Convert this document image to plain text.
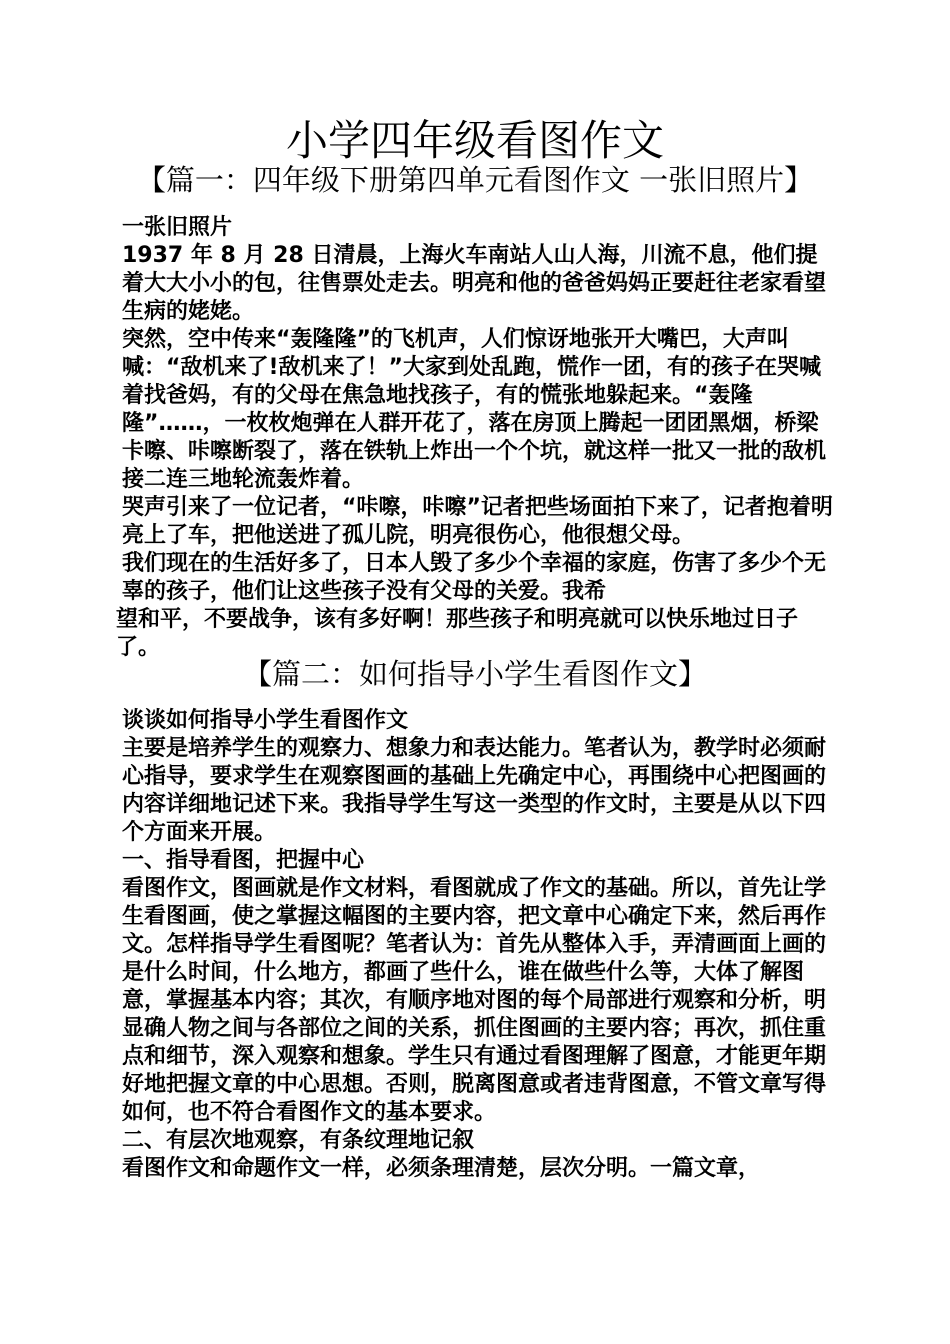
小学四年级看图作文
【篇一：四年级下册第四单元看图作文 一张旧照片】

一张旧照片

1937 年 8 月 28 日清晨，上海火车南站人山人海，川流不息，他们提着大大小小的包，往售票处走去。明亮和他的爸爸妈妈正要赶往老家看望生病的姥姥。

突然，空中传来“轰隆隆”的飞机声，人们惊讶地张开大嘴巴，大声叫喊：“敌机来了!敌机来了！”大家到处乱跑，慌作一团，有的孩子在哭喊着找爸妈，有的父母在焦急地找孩子，有的慌张地躲起来。“轰隆隆”……，一枚枚炮弹在人群开花了，落在房顶上腾起一团团黑烟，桥梁卡嚓、咔嚓断裂了，落在铁轨上炸出一个个坑，就这样一批又一批的敌机接二连三地轮流轰炸着。

哭声引来了一位记者，“咔嚓，咔嚓”记者把些场面拍下来了，记者抱着明亮上了车，把他送进了孤儿院，明亮很伤心，他很想父母。

我们现在的生活好多了，日本人毁了多少个幸福的家庭，伤害了多少个无辜的孩子，他们让这些孩子没有父母的关爱。我希

望和平，不要战争，该有多好啊！那些孩子和明亮就可以快乐地过日子了。

【篇二：如何指导小学生看图作文】

谈谈如何指导小学生看图作文

主要是培养学生的观察力、想象力和表达能力。笔者认为，教学时必须耐心指导，要求学生在观察图画的基础上先确定中心，再围绕中心把图画的内容详细地记述下来。我指导学生写这一类型的作文时，主要是从以下四个方面来开展。

一、指导看图，把握中心

看图作文，图画就是作文材料，看图就成了作文的基础。所以，首先让学生看图画，使之掌握这幅图的主要内容，把文章中心确定下来，然后再作文。怎样指导学生看图呢？笔者认为：首先从整体入手，弄清画面上画的是什么时间，什么地方，都画了些什么，谁在做些什么等，大体了解图意，掌握基本内容；其次，有顺序地对图的每个局部进行观察和分析，明显确人物之间与各部位之间的关系，抓住图画的主要内容；再次，抓住重点和细节，深入观察和想象。学生只有通过看图理解了图意，才能更年期好地把握文章的中心思想。否则，脱离图意或者违背图意，不管文章写得如何，也不符合看图作文的基本要求。

二、有层次地观察，有条纹理地记叙

看图作文和命题作文一样，必须条理清楚，层次分明。一篇文章，
